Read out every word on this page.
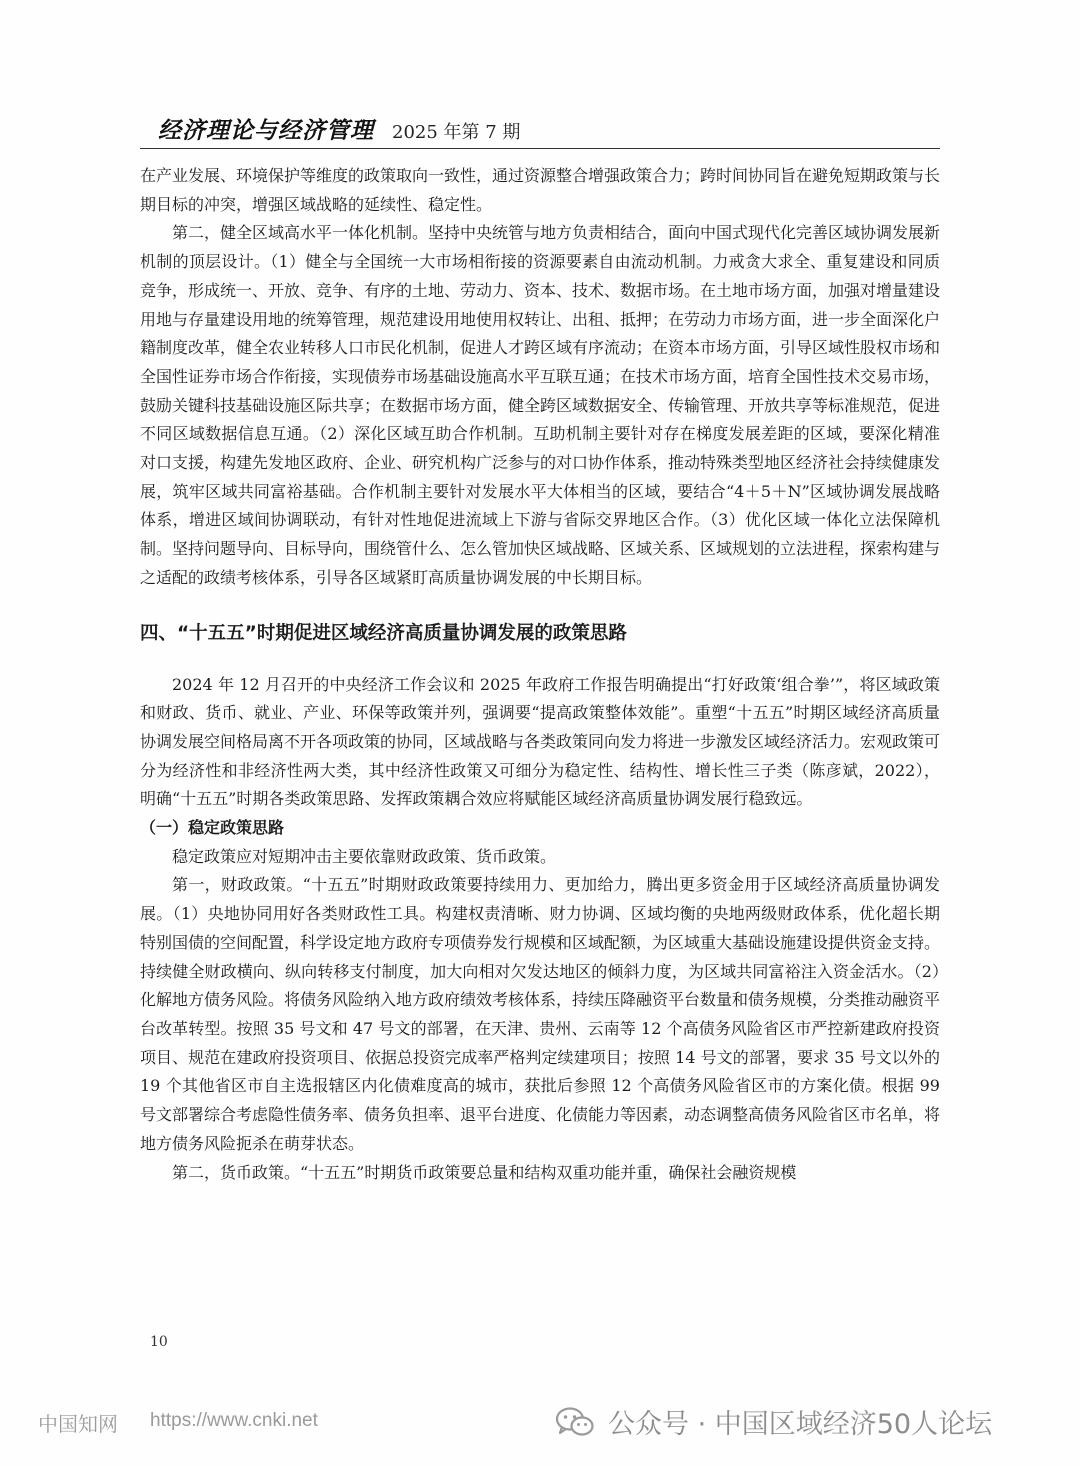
经济理论与经济管理 2025 年第 7 期

在产业发展、环境保护等维度的政策取向一致性，通过资源整合增强政策合力；跨时间协同旨在避免短期政策与长期目标的冲突，增强区域战略的延续性、稳定性。

第二，健全区域高水平一体化机制。坚持中央统管与地方负责相结合，面向中国式现代化完善区域协调发展新机制的顶层设计。（1）健全与全国统一大市场相衔接的资源要素自由流动机制。力戒贪大求全、重复建设和同质竞争，形成统一、开放、竞争、有序的土地、劳动力、资本、技术、数据市场。在土地市场方面，加强对增量建设用地与存量建设用地的统筹管理，规范建设用地使用权转让、出租、抵押；在劳动力市场方面，进一步全面深化户籍制度改革，健全农业转移人口市民化机制，促进人才跨区域有序流动；在资本市场方面，引导区域性股权市场和全国性证券市场合作衔接，实现债券市场基础设施高水平互联互通；在技术市场方面，培育全国性技术交易市场，鼓励关键科技基础设施区际共享；在数据市场方面，健全跨区域数据安全、传输管理、开放共享等标准规范，促进不同区域数据信息互通。（2）深化区域互助合作机制。互助机制主要针对存在梯度发展差距的区域，要深化精准对口支援，构建先发地区政府、企业、研究机构广泛参与的对口协作体系，推动特殊类型地区经济社会持续健康发展，筑牢区域共同富裕基础。合作机制主要针对发展水平大体相当的区域，要结合“4＋5＋N”区域协调发展战略体系，增进区域间协调联动，有针对性地促进流域上下游与省际交界地区合作。（3）优化区域一体化立法保障机制。坚持问题导向、目标导向，围绕管什么、怎么管加快区域战略、区域关系、区域规划的立法进程，探索构建与之适配的政绩考核体系，引导各区域紧盯高质量协调发展的中长期目标。

四、“十五五”时期促进区域经济高质量协调发展的政策思路

2024 年 12 月召开的中央经济工作会议和 2025 年政府工作报告明确提出“打好政策‘组合拳’”，将区域政策和财政、货币、就业、产业、环保等政策并列，强调要“提高政策整体效能”。重塑“十五五”时期区域经济高质量协调发展空间格局离不开各项政策的协同，区域战略与各类政策同向发力将进一步激发区域经济活力。宏观政策可分为经济性和非经济性两大类，其中经济性政策又可细分为稳定性、结构性、增长性三子类（陈彦斌，2022），明确“十五五”时期各类政策思路、发挥政策耦合效应将赋能区域经济高质量协调发展行稳致远。

（一）稳定政策思路

稳定政策应对短期冲击主要依靠财政政策、货币政策。

第一，财政政策。“十五五”时期财政政策要持续用力、更加给力，腾出更多资金用于区域经济高质量协调发展。（1）央地协同用好各类财政性工具。构建权责清晰、财力协调、区域均衡的央地两级财政体系，优化超长期特别国债的空间配置，科学设定地方政府专项债券发行规模和区域配额，为区域重大基础设施建设提供资金支持。持续健全财政横向、纵向转移支付制度，加大向相对欠发达地区的倾斜力度，为区域共同富裕注入资金活水。（2）化解地方债务风险。将债务风险纳入地方政府绩效考核体系，持续压降融资平台数量和债务规模，分类推动融资平台改革转型。按照 35 号文和 47 号文的部署，在天津、贵州、云南等 12 个高债务风险省区市严控新建政府投资项目、规范在建政府投资项目、依据总投资完成率严格判定续建项目；按照 14 号文的部署，要求 35 号文以外的 19 个其他省区市自主选报辖区内化债难度高的城市，获批后参照 12 个高债务风险省区市的方案化债。根据 99 号文部署综合考虑隐性债务率、债务负担率、退平台进度、化债能力等因素，动态调整高债务风险省区市名单，将地方债务风险扼杀在萌芽状态。

第二，货币政策。“十五五”时期货币政策要总量和结构双重功能并重，确保社会融资规模

10
中国知网 https://www.cnki.net	公众号 · 中国区域经济50人论坛
